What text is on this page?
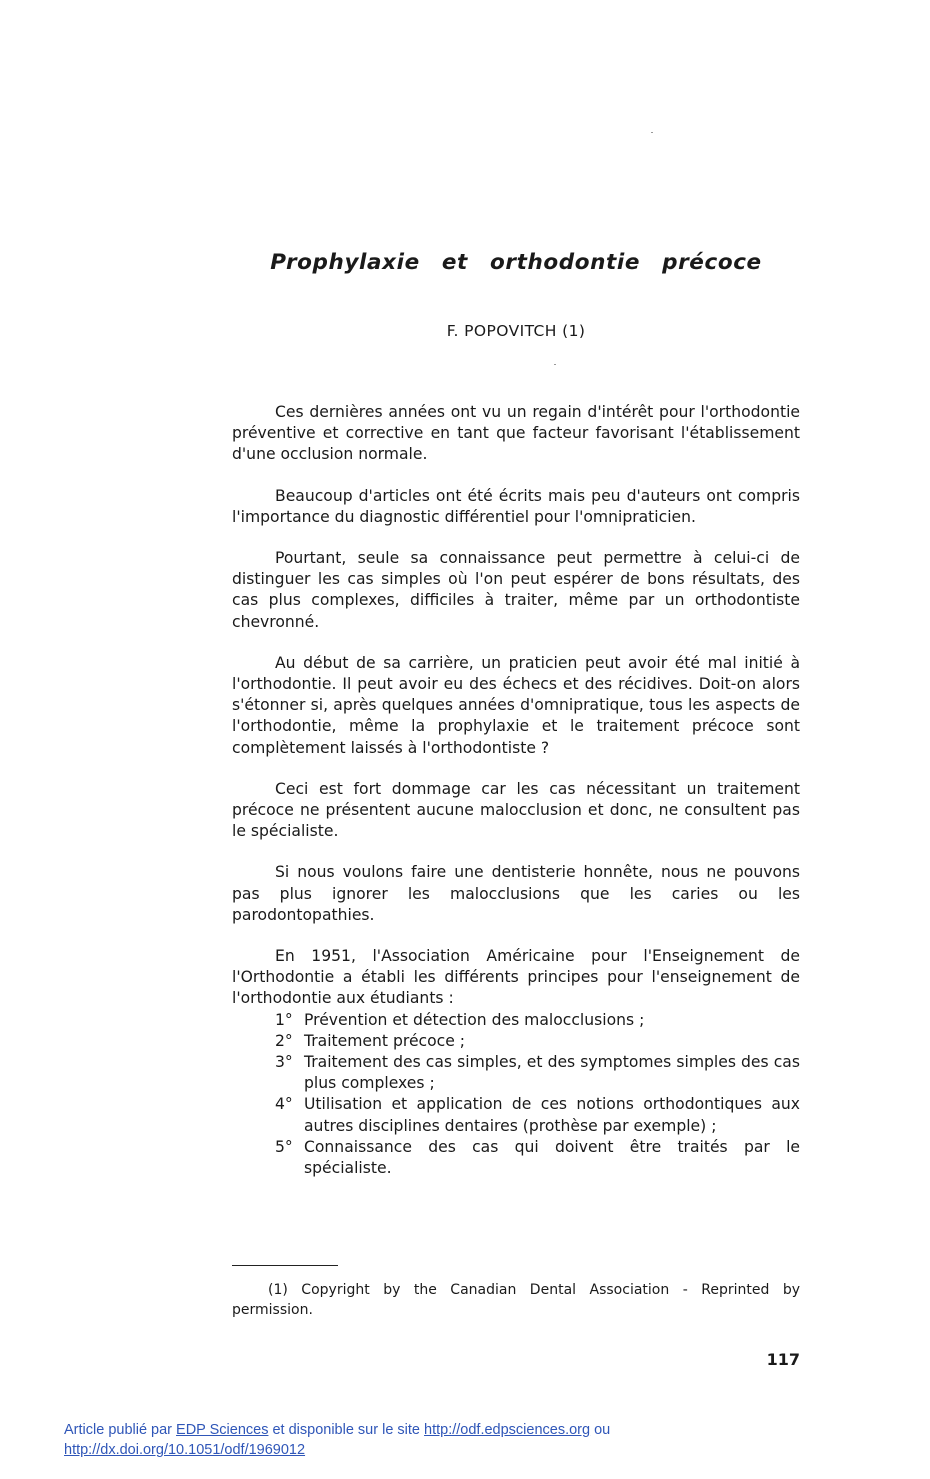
Prophylaxie et orthodontie précoce

F. POPOVITCH (1)

Ces dernières années ont vu un regain d'intérêt pour l'orthodontie préventive et corrective en tant que facteur favorisant l'établissement d'une occlusion normale.

Beaucoup d'articles ont été écrits mais peu d'auteurs ont compris l'importance du diagnostic différentiel pour l'omnipraticien.

Pourtant, seule sa connaissance peut permettre à celui-ci de distinguer les cas simples où l'on peut espérer de bons résultats, des cas plus complexes, difficiles à traiter, même par un orthodontiste chevronné.

Au début de sa carrière, un praticien peut avoir été mal initié à l'orthodontie. Il peut avoir eu des échecs et des récidives. Doit-on alors s'étonner si, après quelques années d'omnipratique, tous les aspects de l'orthodontie, même la prophylaxie et le traitement précoce sont complètement laissés à l'orthodontiste ?

Ceci est fort dommage car les cas nécessitant un traitement précoce ne présentent aucune malocclusion et donc, ne consultent pas le spécialiste.

Si nous voulons faire une dentisterie honnête, nous ne pouvons pas plus ignorer les malocclusions que les caries ou les parodontopathies.

En 1951, l'Association Américaine pour l'Enseignement de l'Orthodontie a établi les différents principes pour l'enseignement de l'orthodontie aux étudiants :

1° Prévention et détection des malocclusions ;
2° Traitement précoce ;
3° Traitement des cas simples, et des symptomes simples des cas plus complexes ;
4° Utilisation et application de ces notions orthodontiques aux autres disciplines dentaires (prothèse par exemple) ;
5° Connaissance des cas qui doivent être traités par le spécialiste.

(1) Copyright by the Canadian Dental Association - Reprinted by permission.

117

Article publié par EDP Sciences et disponible sur le site http://odf.edpsciences.org ou
http://dx.doi.org/10.1051/odf/1969012
